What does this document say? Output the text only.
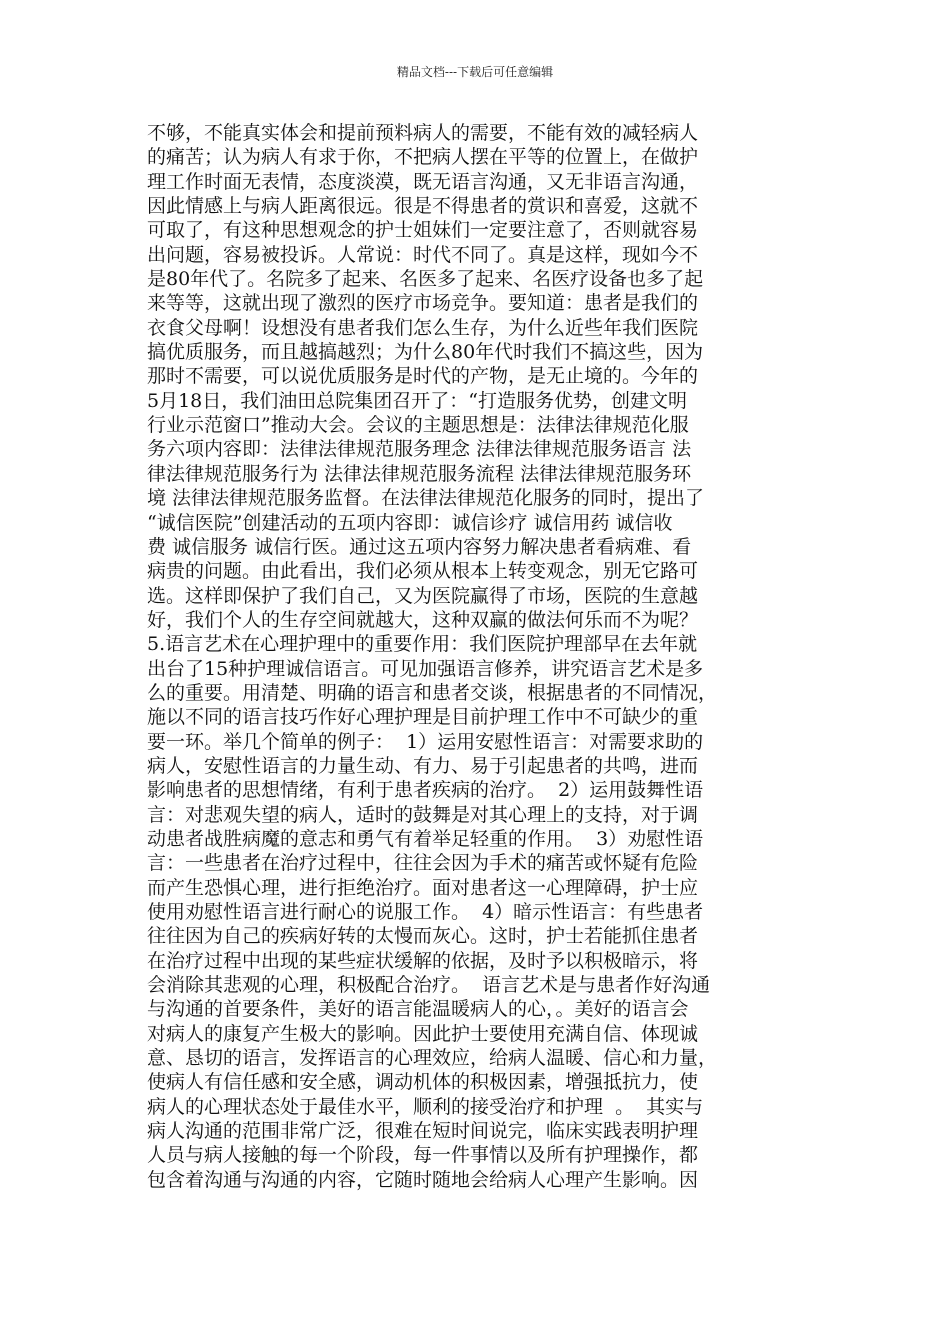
精品文档---下载后可任意编辑

不够，不能真实体会和提前预料病人的需要，不能有效的减轻病人

的痛苦；认为病人有求于你，不把病人摆在平等的位置上，在做护

理工作时面无表情，态度淡漠，既无语言沟通，又无非语言沟通，

因此情感上与病人距离很远。很是不得患者的赏识和喜爱，这就不

可取了，有这种思想观念的护士姐妹们一定要注意了，否则就容易

出问题，容易被投诉。人常说：时代不同了。真是这样，现如今不

是80年代了。名院多了起来、名医多了起来、名医疗设备也多了起

来等等，这就出现了激烈的医疗市场竞争。要知道：患者是我们的

衣食父母啊！设想没有患者我们怎么生存，为什么近些年我们医院

搞优质服务，而且越搞越烈；为什么80年代时我们不搞这些，因为

那时不需要，可以说优质服务是时代的产物，是无止境的。今年的

5月18日，我们油田总院集团召开了：“打造服务优势，创建文明

行业示范窗口”推动大会。会议的主题思想是：法律法律规范化服

务六项内容即：法律法律规范服务理念 法律法律规范服务语言 法

律法律规范服务行为 法律法律规范服务流程 法律法律规范服务环

境 法律法律规范服务监督。在法律法律规范化服务的同时，提出了

“诚信医院”创建活动的五项内容即：诚信诊疗 诚信用药 诚信收

费 诚信服务 诚信行医。通过这五项内容努力解决患者看病难、看

病贵的问题。由此看出，我们必须从根本上转变观念，别无它路可

选。这样即保护了我们自己，又为医院赢得了市场，医院的生意越

好，我们个人的生存空间就越大，这种双赢的做法何乐而不为呢？

5.语言艺术在心理护理中的重要作用：我们医院护理部早在去年就

出台了15种护理诚信语言。可见加强语言修养，讲究语言艺术是多

么的重要。用清楚、明确的语言和患者交谈，根据患者的不同情况，

施以不同的语言技巧作好心理护理是目前护理工作中不可缺少的重

要一环。举几个简单的例子：  1）运用安慰性语言：对需要求助的

病人，安慰性语言的力量生动、有力、易于引起患者的共鸣，进而

影响患者的思想情绪，有利于患者疾病的治疗。  2）运用鼓舞性语

言：对悲观失望的病人，适时的鼓舞是对其心理上的支持，对于调

动患者战胜病魔的意志和勇气有着举足轻重的作用。  3）劝慰性语

言：一些患者在治疗过程中，往往会因为手术的痛苦或怀疑有危险

而产生恐惧心理，进行拒绝治疗。面对患者这一心理障碍，护士应

使用劝慰性语言进行耐心的说服工作。  4）暗示性语言：有些患者

往往因为自己的疾病好转的太慢而灰心。这时，护士若能抓住患者

在治疗过程中出现的某些症状缓解的依据，及时予以积极暗示，将

会消除其悲观的心理，积极配合治疗。  语言艺术是与患者作好沟通

与沟通的首要条件，美好的语言能温暖病人的心，。美好的语言会

对病人的康复产生极大的影响。因此护士要使用充满自信、体现诚

意、恳切的语言，发挥语言的心理效应，给病人温暖、信心和力量，

使病人有信任感和安全感，调动机体的积极因素，增强抵抗力，使

病人的心理状态处于最佳水平，顺利的接受治疗和护理  。  其实与

病人沟通的范围非常广泛，很难在短时间说完，临床实践表明护理

人员与病人接触的每一个阶段，每一件事情以及所有护理操作，都

包含着沟通与沟通的内容，它随时随地会给病人心理产生影响。因
